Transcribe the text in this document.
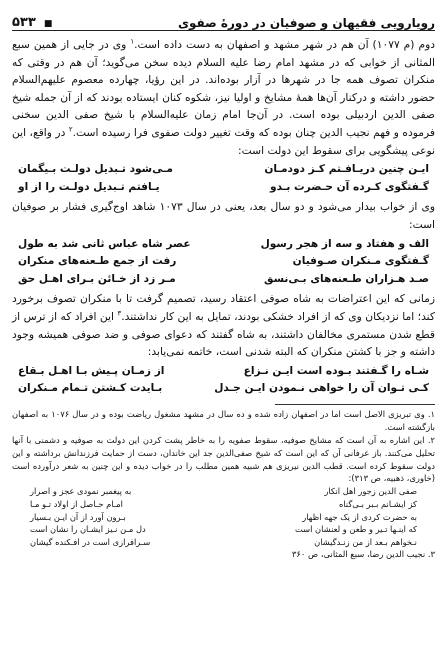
رویارویی فقیهان و صوفیان در دورهٔ صفوی
■ ۵۳۳

دوم (م ۱۰۷۷) آن هم در شهر مشهد و اصفهان به دست داده است.$^۱$ وی در جایی از همین سبع المثانی از خوابی که در مشهد امام رضا علیه السلام دیده سخن می‌گوید؛ آن هم در وقتی که منکران تصوف همه جا در شهرها در آزار بوده‌اند. در این رؤیا، چهارده معصوم علیهم‌السلام حضور داشته و درکنار آن‌ها همهٔ مشایخ و اولیا نیز، شکوه کنان ایستاده بودند که از آن جمله شیخ صفی الدین اردبیلی بوده است. در آن‌جا امام زمان علیه‌السلام با شیخ صفی الدین سخنی فرموده و فهم نجیب الدین چنان بوده که وقت تغییر دولت صفوی فرا رسیده است.$^۲$ در واقع، این نوعی پیشگویی برای سقوط این دولت است:

ایـن چنین دریـافـتم کـز دودمـان
مـی‌شود تـبدیل دولـت بـیگمان
گـفتگوی کـرده آن حـضرت بـدو
یـافتم تـبدیل دولـت را از او

وی از خواب بیدار می‌شود و دو سال بعد، یعنی در سال ۱۰۷۳ شاهد اوج‌گیری فشار بر صوفیان است:

الف و هفتاد و سه از هجر رسول
عصر شاه عباس ثانی شد به طول
گـفتگوی مـنکران صـوفیان
رفت از جمع طـعنه‌های منکران
صـد هـزاران طـعنه‌های بـی‌نسق
مـر زد از خـائن بـرای اهـل حق

زمانی که این اعتراضات به شاه صوفی اعتقاد رسید، تصمیم گرفت تا با منکران تصوف برخورد کند؛ اما نزدیکان وی که از افراد خشکی بودند، تمایل به این کار نداشتند.$^۳$ این افراد که از ترس از قطع شدن مستمری مخالفان داشتند، به شاه گفتند که دعوای صوفی و ضد صوفی همیشه وجود داشته و جز با کشتن منکران که البته شدنی است، خاتمه نمی‌یابد:

شـاه را گـفتند بـوده است ایـن نـزاع
از زمـان پـیش بـا اهـل بـقاع
کـی تـوان آن را خواهی نـمودن ایـن جـدل
بـایدت کـشتن تـمام مـنکران

۱. وی تبریزی الاصل است اما در اصفهان زاده شده و ده سال در مشهد مشغول ریاضت بوده و در سال ۱۰۷۶ به اصفهان بازگشته است.

۲. این اشاره به آن است که مشایخ صوفیه، سقوط صفویه را به خاطر پشت کردن این دولت به صوفیه و دشمنی با آنها تحلیل می‌کنند. باز عرفانی آن که این است که شیخ صفی‌الدین جد این خاندان، دست از حمایت فرزندانش برداشته و این دولت سقوط کرده است. قطب الدین نیریزی هم شبیه همین مطلب را در خواب دیده و این چنین به شعر درآورده است (خاوری، ذهبیه، ص ۳۱۳):

صفی الدین زجور اهل انکار
به پیغمبر نمودی عجز و اصرار
کز ایشـانم بـبر بـی‌گناه
امـام حـاصل از اولاد تـو مـا
به حضرت کردی از یک جهه اظهار
بـرون آورد از آن ایـن بـسیار
که اینـها تـیر و طعن و لعنشان است
دل مـن نـیز ایشـان را نشان است
نـخواهم بـعد از من زنـدگیشان
سـرافرازی است در افـکنده گیشان

۳. نجیب الدین رضا، سبع المثانی، ص ۳۶۰
